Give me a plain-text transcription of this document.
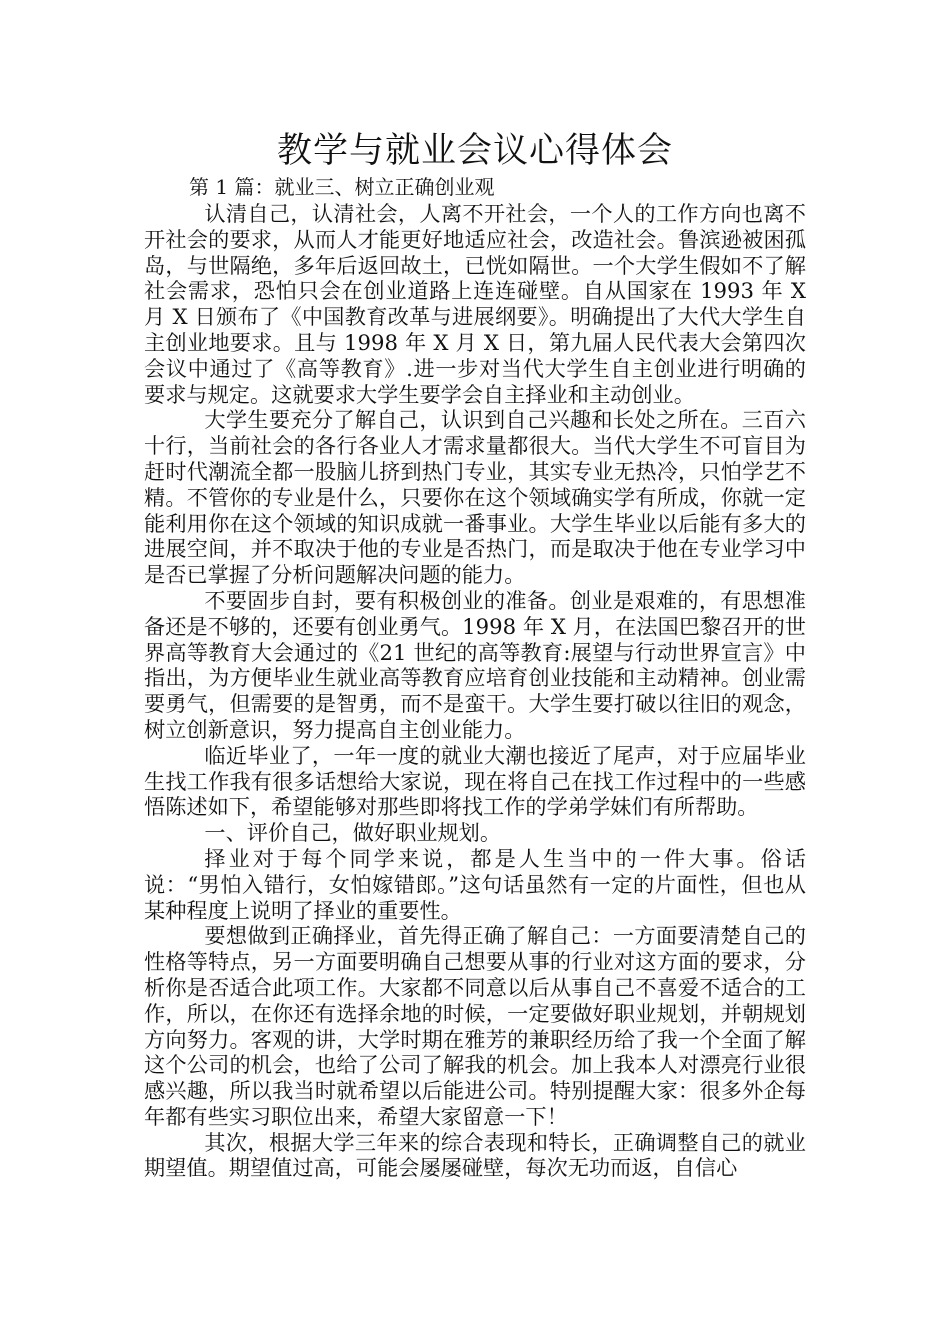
教学与就业会议心得体会
第 1 篇：就业三、树立正确创业观

认清自己，认清社会，人离不开社会，一个人的工作方向也离不开社会的要求，从而人才能更好地适应社会，改造社会。鲁滨逊被困孤岛，与世隔绝，多年后返回故土，已恍如隔世。一个大学生假如不了解社会需求，恐怕只会在创业道路上连连碰壁。自从国家在 1993 年 X 月 X 日颁布了《中国教育改革与进展纲要》。明确提出了大代大学生自主创业地要求。且与 1998 年 X 月 X 日，第九届人民代表大会第四次会议中通过了《高等教育》.进一步对当代大学生自主创业进行明确的要求与规定。这就要求大学生要学会自主择业和主动创业。

大学生要充分了解自己，认识到自己兴趣和长处之所在。三百六十行，当前社会的各行各业人才需求量都很大。当代大学生不可盲目为赶时代潮流全都一股脑儿挤到热门专业，其实专业无热冷，只怕学艺不精。不管你的专业是什么，只要你在这个领域确实学有所成，你就一定能利用你在这个领域的知识成就一番事业。大学生毕业以后能有多大的进展空间，并不取决于他的专业是否热门，而是取决于他在专业学习中是否已掌握了分析问题解决问题的能力。

不要固步自封，要有积极创业的准备。创业是艰难的，有思想准备还是不够的，还要有创业勇气。1998 年 X 月，在法国巴黎召开的世界高等教育大会通过的《21 世纪的高等教育:展望与行动世界宣言》中指出，为方便毕业生就业高等教育应培育创业技能和主动精神。创业需要勇气，但需要的是智勇，而不是蛮干。大学生要打破以往旧的观念，树立创新意识，努力提高自主创业能力。

临近毕业了，一年一度的就业大潮也接近了尾声，对于应届毕业生找工作我有很多话想给大家说，现在将自己在找工作过程中的一些感悟陈述如下，希望能够对那些即将找工作的学弟学妹们有所帮助。

一、评价自己，做好职业规划。

择业对于每个同学来说，都是人生当中的一件大事。俗话说：“男怕入错行，女怕嫁错郎。”这句话虽然有一定的片面性，但也从某种程度上说明了择业的重要性。

要想做到正确择业，首先得正确了解自己：一方面要清楚自己的性格等特点，另一方面要明确自己想要从事的行业对这方面的要求，分析你是否适合此项工作。大家都不同意以后从事自己不喜爱不适合的工作，所以，在你还有选择余地的时候，一定要做好职业规划，并朝规划方向努力。客观的讲，大学时期在雅芳的兼职经历给了我一个全面了解这个公司的机会，也给了公司了解我的机会。加上我本人对漂亮行业很感兴趣，所以我当时就希望以后能进公司。特别提醒大家：很多外企每年都有些实习职位出来，希望大家留意一下！

其次，根据大学三年来的综合表现和特长，正确调整自己的就业期望值。期望值过高，可能会屡屡碰壁，每次无功而返，自信心
